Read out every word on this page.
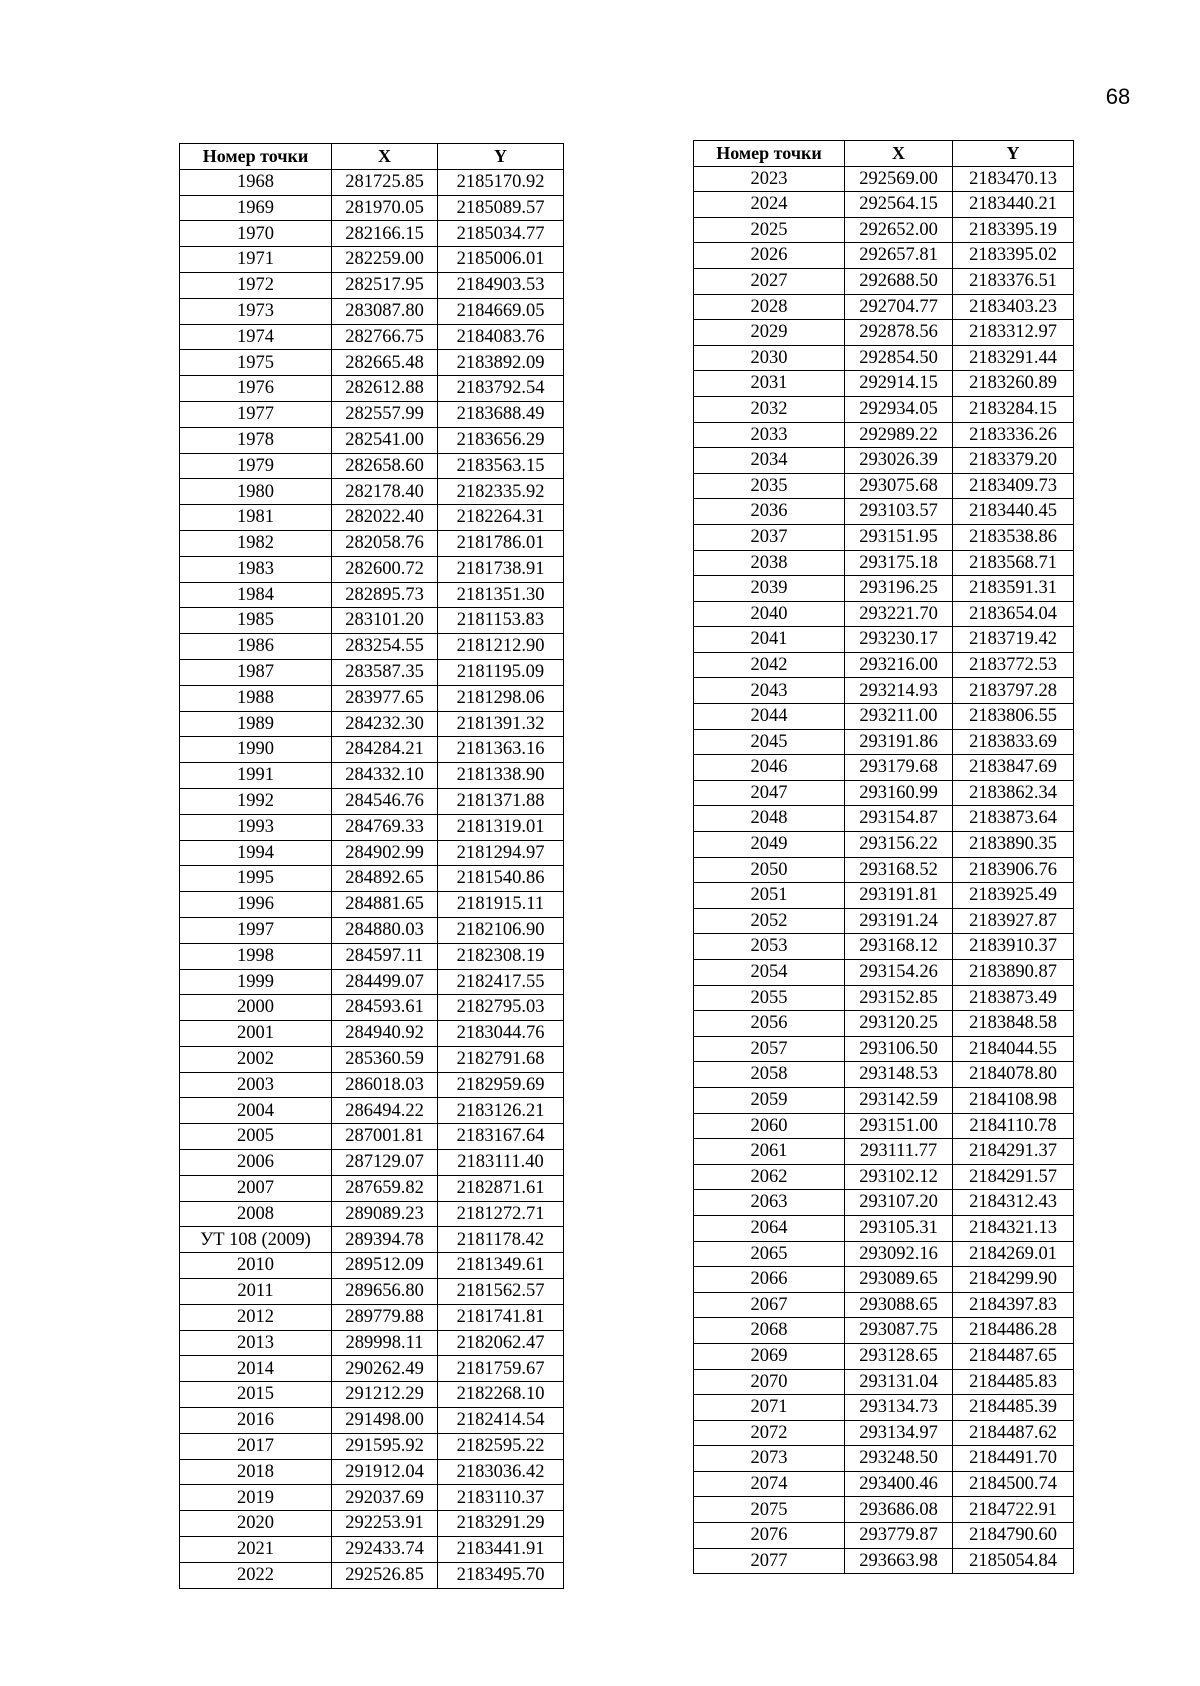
68
Номер точки	X	Y
1968	281725.85	2185170.92
1969	281970.05	2185089.57
1970	282166.15	2185034.77
1971	282259.00	2185006.01
1972	282517.95	2184903.53
1973	283087.80	2184669.05
1974	282766.75	2184083.76
1975	282665.48	2183892.09
1976	282612.88	2183792.54
1977	282557.99	2183688.49
1978	282541.00	2183656.29
1979	282658.60	2183563.15
1980	282178.40	2182335.92
1981	282022.40	2182264.31
1982	282058.76	2181786.01
1983	282600.72	2181738.91
1984	282895.73	2181351.30
1985	283101.20	2181153.83
1986	283254.55	2181212.90
1987	283587.35	2181195.09
1988	283977.65	2181298.06
1989	284232.30	2181391.32
1990	284284.21	2181363.16
1991	284332.10	2181338.90
1992	284546.76	2181371.88
1993	284769.33	2181319.01
1994	284902.99	2181294.97
1995	284892.65	2181540.86
1996	284881.65	2181915.11
1997	284880.03	2182106.90
1998	284597.11	2182308.19
1999	284499.07	2182417.55
2000	284593.61	2182795.03
2001	284940.92	2183044.76
2002	285360.59	2182791.68
2003	286018.03	2182959.69
2004	286494.22	2183126.21
2005	287001.81	2183167.64
2006	287129.07	2183111.40
2007	287659.82	2182871.61
2008	289089.23	2181272.71
УТ 108 (2009)	289394.78	2181178.42
2010	289512.09	2181349.61
2011	289656.80	2181562.57
2012	289779.88	2181741.81
2013	289998.11	2182062.47
2014	290262.49	2181759.67
2015	291212.29	2182268.10
2016	291498.00	2182414.54
2017	291595.92	2182595.22
2018	291912.04	2183036.42
2019	292037.69	2183110.37
2020	292253.91	2183291.29
2021	292433.74	2183441.91
2022	292526.85	2183495.70
Номер точки	X	Y
2023	292569.00	2183470.13
2024	292564.15	2183440.21
2025	292652.00	2183395.19
2026	292657.81	2183395.02
2027	292688.50	2183376.51
2028	292704.77	2183403.23
2029	292878.56	2183312.97
2030	292854.50	2183291.44
2031	292914.15	2183260.89
2032	292934.05	2183284.15
2033	292989.22	2183336.26
2034	293026.39	2183379.20
2035	293075.68	2183409.73
2036	293103.57	2183440.45
2037	293151.95	2183538.86
2038	293175.18	2183568.71
2039	293196.25	2183591.31
2040	293221.70	2183654.04
2041	293230.17	2183719.42
2042	293216.00	2183772.53
2043	293214.93	2183797.28
2044	293211.00	2183806.55
2045	293191.86	2183833.69
2046	293179.68	2183847.69
2047	293160.99	2183862.34
2048	293154.87	2183873.64
2049	293156.22	2183890.35
2050	293168.52	2183906.76
2051	293191.81	2183925.49
2052	293191.24	2183927.87
2053	293168.12	2183910.37
2054	293154.26	2183890.87
2055	293152.85	2183873.49
2056	293120.25	2183848.58
2057	293106.50	2184044.55
2058	293148.53	2184078.80
2059	293142.59	2184108.98
2060	293151.00	2184110.78
2061	293111.77	2184291.37
2062	293102.12	2184291.57
2063	293107.20	2184312.43
2064	293105.31	2184321.13
2065	293092.16	2184269.01
2066	293089.65	2184299.90
2067	293088.65	2184397.83
2068	293087.75	2184486.28
2069	293128.65	2184487.65
2070	293131.04	2184485.83
2071	293134.73	2184485.39
2072	293134.97	2184487.62
2073	293248.50	2184491.70
2074	293400.46	2184500.74
2075	293686.08	2184722.91
2076	293779.87	2184790.60
2077	293663.98	2185054.84
